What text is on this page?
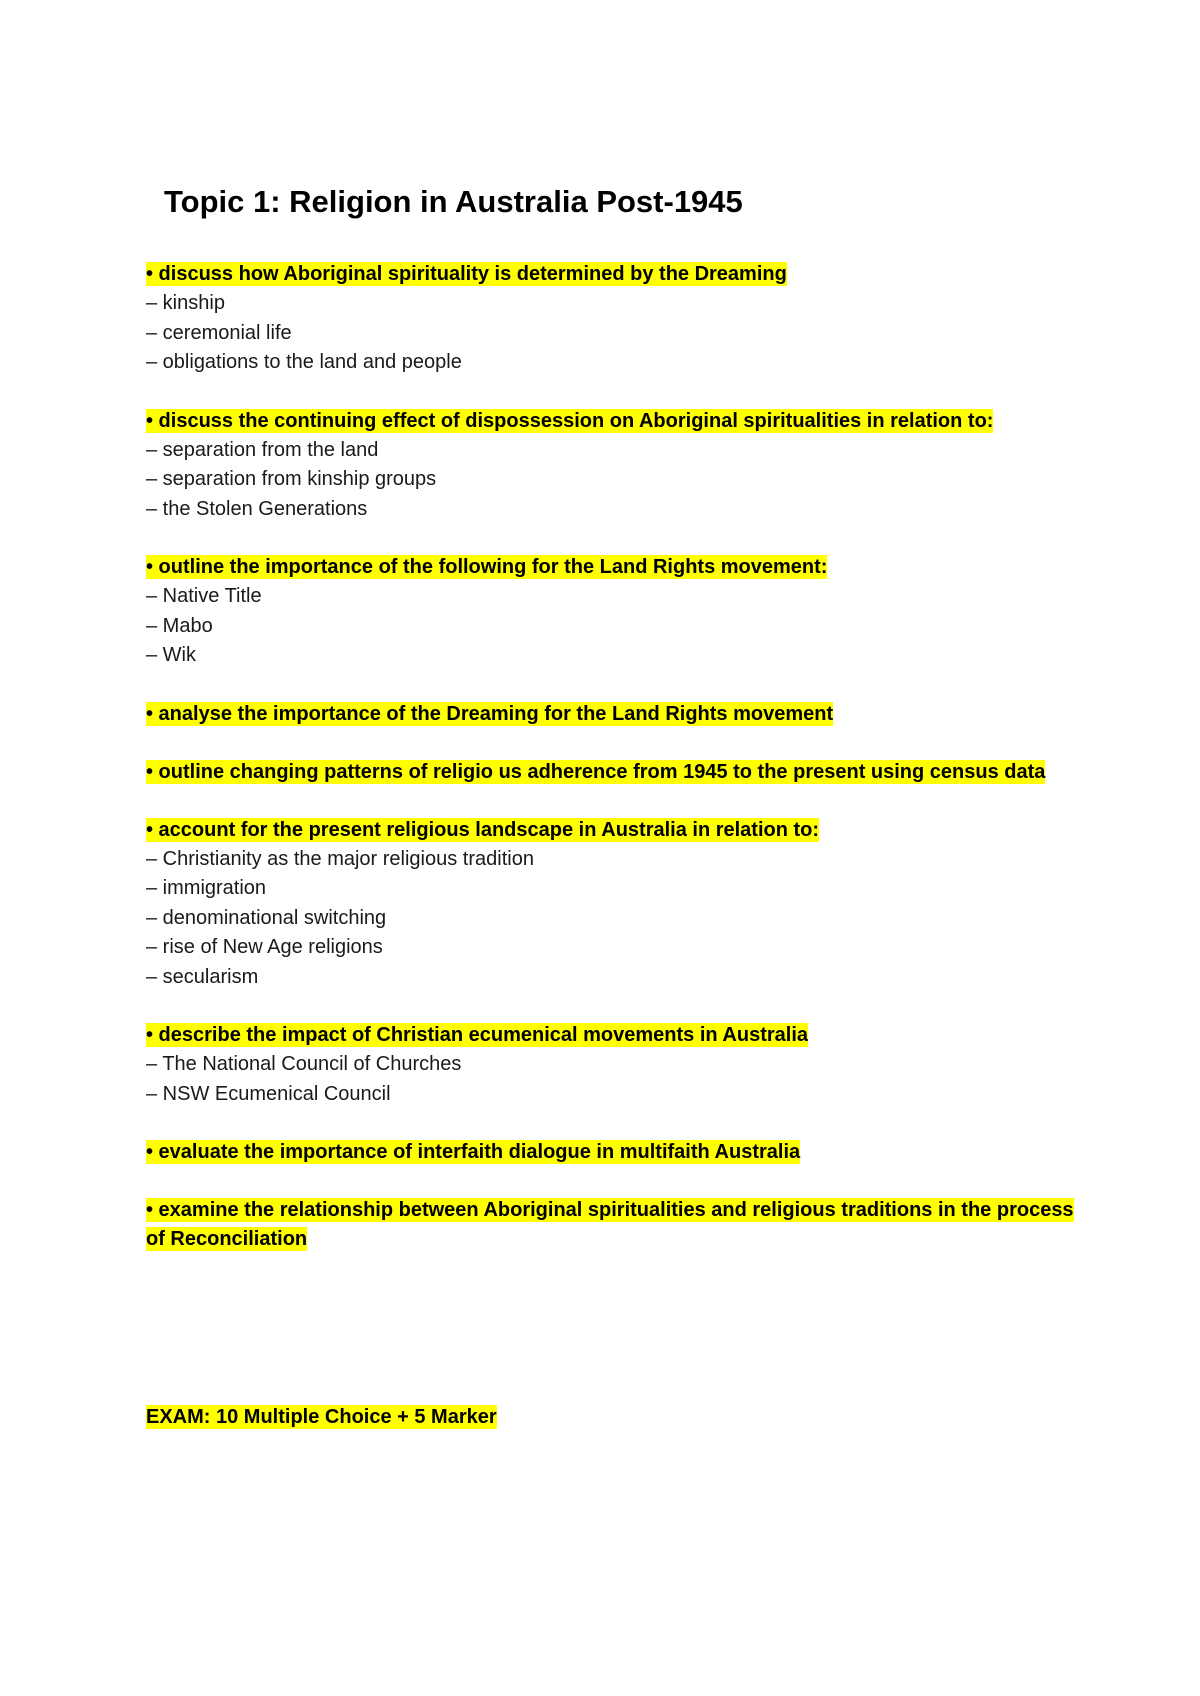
Topic 1: Religion in Australia Post-1945

• discuss how Aboriginal spirituality is determined by the Dreaming

– kinship
– ceremonial life
– obligations to the land and people

• discuss the continuing effect of dispossession on Aboriginal spiritualities in relation to:

– separation from the land
– separation from kinship groups
– the Stolen Generations

• outline the importance of the following for the Land Rights movement:

– Native Title
– Mabo
– Wik

• analyse the importance of the Dreaming for the Land Rights movement

• outline changing patterns of religio us adherence from 1945 to the present using census data

• account for the present religious landscape in Australia in relation to:

– Christianity as the major religious tradition
– immigration
– denominational switching
– rise of New Age religions
– secularism

• describe the impact of Christian ecumenical movements in Australia

– The National Council of Churches
– NSW Ecumenical Council

• evaluate the importance of interfaith dialogue in multifaith Australia

• examine the relationship between Aboriginal spiritualities and religious traditions in the process of Reconciliation

EXAM: 10 Multiple Choice + 5 Marker
